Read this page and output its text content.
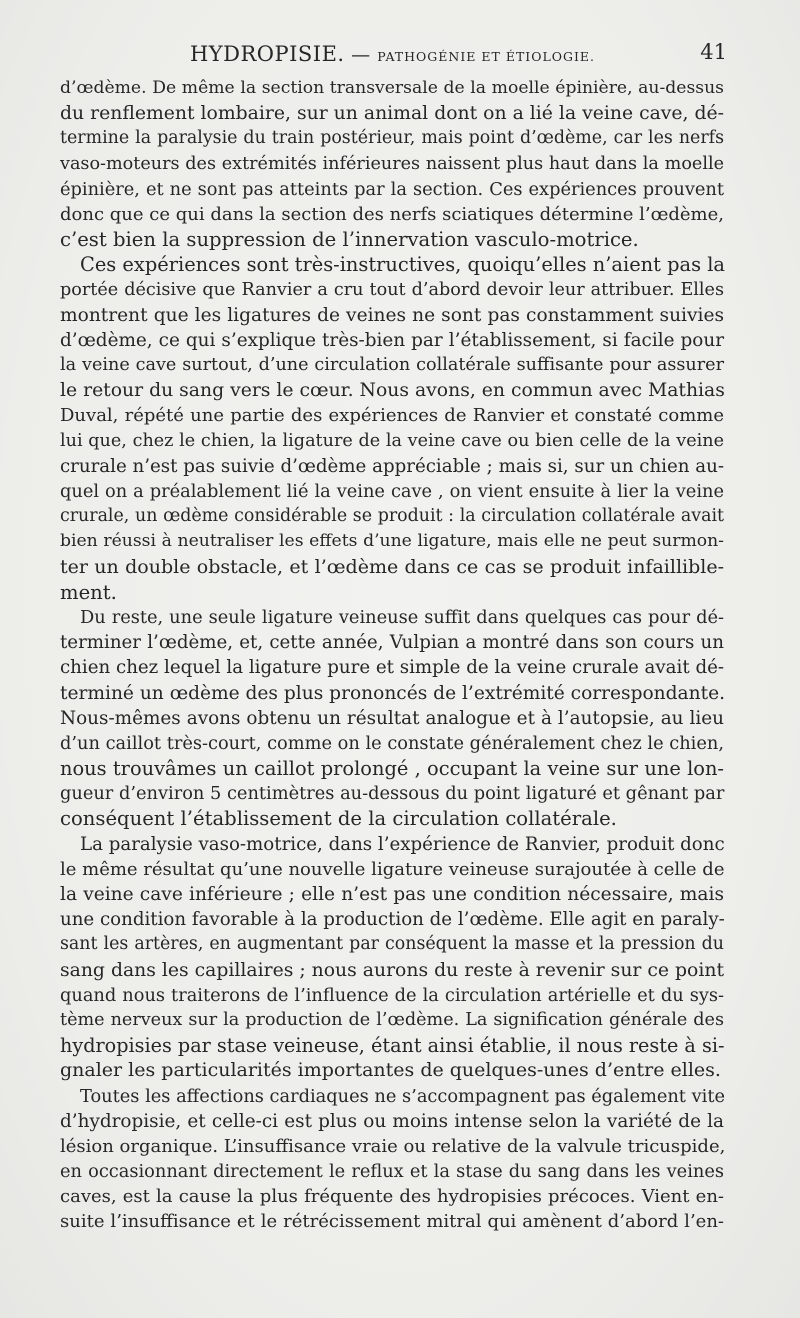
HYDROPISIE. — PATHOGÉNIE ET ÉTIOLOGIE.	41
d’œdème. De même la section transversale de la moelle épinière, au-dessus
du renflement lombaire, sur un animal dont on a lié la veine cave, dé-
termine la paralysie du train postérieur, mais point d’œdème, car les nerfs
vaso-moteurs des extrémités inférieures naissent plus haut dans la moelle
épinière, et ne sont pas atteints par la section. Ces expériences prouvent
donc que ce qui dans la section des nerfs sciatiques détermine l’œdème,
c’est bien la suppression de l’innervation vasculo-motrice.
Ces expériences sont très-instructives, quoiqu’elles n’aient pas la
portée décisive que Ranvier a cru tout d’abord devoir leur attribuer. Elles
montrent que les ligatures de veines ne sont pas constamment suivies
d’œdème, ce qui s’explique très-bien par l’établissement, si facile pour
la veine cave surtout, d’une circulation collatérale suffisante pour assurer
le retour du sang vers le cœur. Nous avons, en commun avec Mathias
Duval, répété une partie des expériences de Ranvier et constaté comme
lui que, chez le chien, la ligature de la veine cave ou bien celle de la veine
crurale n’est pas suivie d’œdème appréciable ; mais si, sur un chien au-
quel on a préalablement lié la veine cave , on vient ensuite à lier la veine
crurale, un œdème considérable se produit : la circulation collatérale avait
bien réussi à neutraliser les effets d’une ligature, mais elle ne peut surmon-
ter un double obstacle, et l’œdème dans ce cas se produit infaillible-
ment.
Du reste, une seule ligature veineuse suffit dans quelques cas pour dé-
terminer l’œdème, et, cette année, Vulpian a montré dans son cours un
chien chez lequel la ligature pure et simple de la veine crurale avait dé-
terminé un œdème des plus prononcés de l’extrémité correspondante.
Nous-mêmes avons obtenu un résultat analogue et à l’autopsie, au lieu
d’un caillot très-court, comme on le constate généralement chez le chien,
nous trouvâmes un caillot prolongé , occupant la veine sur une lon-
gueur d’environ 5 centimètres au-dessous du point ligaturé et gênant par
conséquent l’établissement de la circulation collatérale.
La paralysie vaso-motrice, dans l’expérience de Ranvier, produit donc
le même résultat qu’une nouvelle ligature veineuse surajoutée à celle de
la veine cave inférieure ; elle n’est pas une condition nécessaire, mais
une condition favorable à la production de l’œdème. Elle agit en paraly-
sant les artères, en augmentant par conséquent la masse et la pression du
sang dans les capillaires ; nous aurons du reste à revenir sur ce point
quand nous traiterons de l’influence de la circulation artérielle et du sys-
tème nerveux sur la production de l’œdème. La signification générale des
hydropisies par stase veineuse, étant ainsi établie, il nous reste à si-
gnaler les particularités importantes de quelques-unes d’entre elles.
Toutes les affections cardiaques ne s’accompagnent pas également vite
d’hydropisie, et celle-ci est plus ou moins intense selon la variété de la
lésion organique. L’insuffisance vraie ou relative de la valvule tricuspide,
en occasionnant directement le reflux et la stase du sang dans les veines
caves, est la cause la plus fréquente des hydropisies précoces. Vient en-
suite l’insuffisance et le rétrécissement mitral qui amènent d’abord l’en-
